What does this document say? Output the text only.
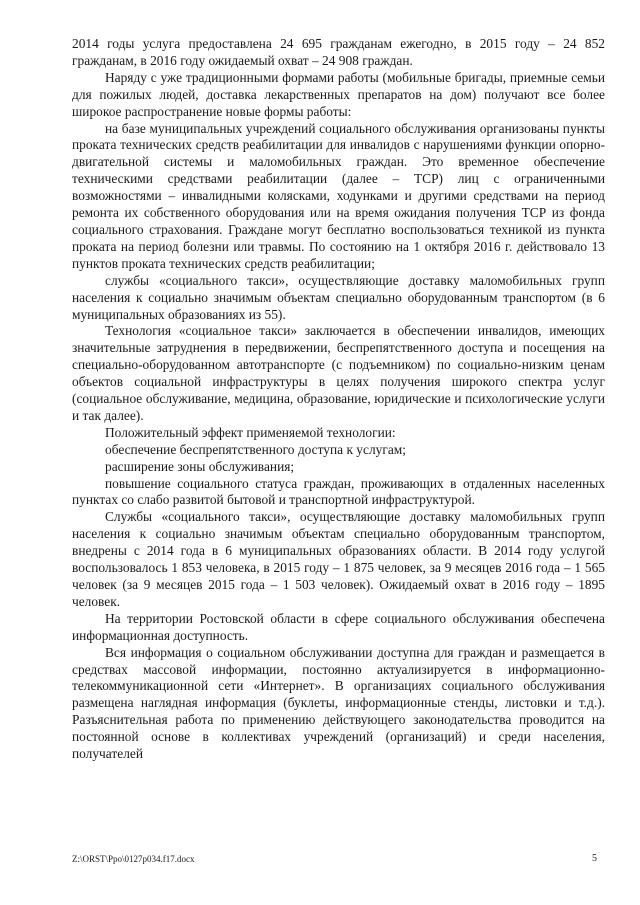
2014 годы услуга предоставлена 24 695 гражданам ежегодно, в 2015 году – 24 852 гражданам, в 2016 году ожидаемый охват – 24 908 граждан.

Наряду с уже традиционными формами работы (мобильные бригады, приемные семьи для пожилых людей, доставка лекарственных препаратов на дом) получают все более широкое распространение новые формы работы:

на базе муниципальных учреждений социального обслуживания организованы пункты проката технических средств реабилитации для инвалидов с нарушениями функции опорно-двигательной системы и маломобильных граждан. Это временное обеспечение техническими средствами реабилитации (далее – ТСР) лиц с ограниченными возможностями – инвалидными колясками, ходунками и другими средствами на период ремонта их собственного оборудования или на время ожидания получения ТСР из фонда социального страхования. Граждане могут бесплатно воспользоваться техникой из пункта проката на период болезни или травмы. По состоянию на 1 октября 2016 г. действовало 13 пунктов проката технических средств реабилитации;

службы «социального такси», осуществляющие доставку маломобильных групп населения к социально значимым объектам специально оборудованным транспортом (в 6 муниципальных образованиях из 55).

Технология «социальное такси» заключается в обеспечении инвалидов, имеющих значительные затруднения в передвижении, беспрепятственного доступа и посещения на специально-оборудованном автотранспорте (с подъемником) по социально-низким ценам объектов социальной инфраструктуры в целях получения широкого спектра услуг (социальное обслуживание, медицина, образование, юридические и психологические услуги и так далее).

Положительный эффект применяемой технологии:

обеспечение беспрепятственного доступа к услугам;

расширение зоны обслуживания;

повышение социального статуса граждан, проживающих в отдаленных населенных пунктах со слабо развитой бытовой и транспортной инфраструктурой.

Службы «социального такси», осуществляющие доставку маломобильных групп населения к социально значимым объектам специально оборудованным транспортом, внедрены с 2014 года в 6 муниципальных образованиях области. В 2014 году услугой воспользовалось 1 853 человека, в 2015 году – 1 875 человек, за 9 месяцев 2016 года – 1 565 человек (за 9 месяцев 2015 года – 1 503 человек). Ожидаемый охват в 2016 году – 1895 человек.

На территории Ростовской области в сфере социального обслуживания обеспечена информационная доступность.

Вся информация о социальном обслуживании доступна для граждан и размещается в средствах массовой информации, постоянно актуализируется в информационно-телекоммуникационной сети «Интернет». В организациях социального обслуживания размещена наглядная информация (буклеты, информационные стенды, листовки и т.д.). Разъяснительная работа по применению действующего законодательства проводится на постоянной основе в коллективах учреждений (организаций) и среди населения, получателей

Z:\ORST\Ppo\0127p034.f17.docx	5
